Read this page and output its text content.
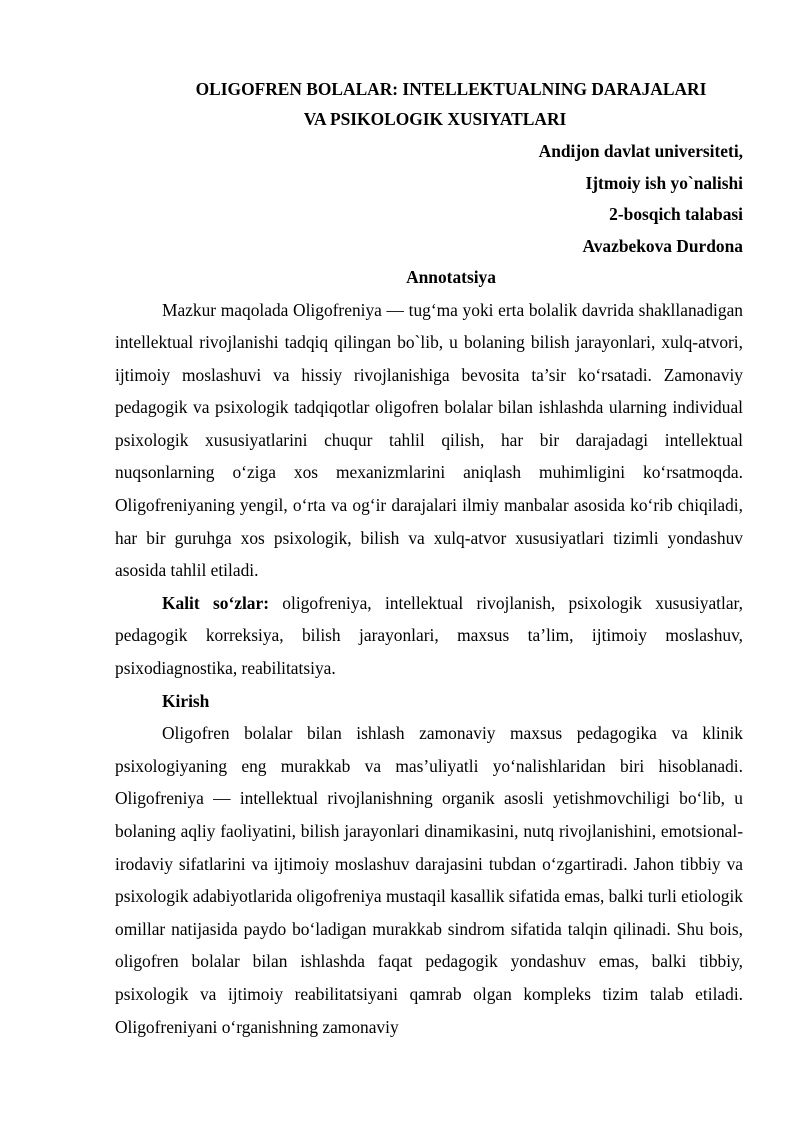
OLIGOFREN BOLALAR: INTELLEKTUALNING DARAJALARI
VA PSIKOLOGIK XUSIYATLARI
Andijon davlat universiteti,
Ijtmoiy ish yo`nalishi
2-bosqich talabasi
Avazbekova Durdona
Annotatsiya

Mazkur maqolada Oligofreniya — tug‘ma yoki erta bolalik davrida shakllanadigan intellektual rivojlanishi tadqiq qilingan bo`lib, u bolaning bilish jarayonlari, xulq-atvori, ijtimoiy moslashuvi va hissiy rivojlanishiga bevosita ta’sir ko‘rsatadi. Zamonaviy pedagogik va psixologik tadqiqotlar oligofren bolalar bilan ishlashda ularning individual psixologik xususiyatlarini chuqur tahlil qilish, har bir darajadagi intellektual nuqsonlarning o‘ziga xos mexanizmlarini aniqlash muhimligini ko‘rsatmoqda. Oligofreniyaning yengil, o‘rta va og‘ir darajalari ilmiy manbalar asosida ko‘rib chiqiladi, har bir guruhga xos psixologik, bilish va xulq-atvor xususiyatlari tizimli yondashuv asosida tahlil etiladi.

Kalit so‘zlar: oligofreniya, intellektual rivojlanish, psixologik xususiyatlar, pedagogik korreksiya, bilish jarayonlari, maxsus ta’lim, ijtimoiy moslashuv, psixodiagnostika, reabilitatsiya.

Kirish

Oligofren bolalar bilan ishlash zamonaviy maxsus pedagogika va klinik psixologiyaning eng murakkab va mas’uliyatli yo‘nalishlaridan biri hisoblanadi. Oligofreniya — intellektual rivojlanishning organik asosli yetishmovchiligi bo‘lib, u bolaning aqliy faoliyatini, bilish jarayonlari dinamikasini, nutq rivojlanishini, emotsional-irodaviy sifatlarini va ijtimoiy moslashuv darajasini tubdan o‘zgartiradi. Jahon tibbiy va psixologik adabiyotlarida oligofreniya mustaqil kasallik sifatida emas, balki turli etiologik omillar natijasida paydo bo‘ladigan murakkab sindrom sifatida talqin qilinadi. Shu bois, oligofren bolalar bilan ishlashda faqat pedagogik yondashuv emas, balki tibbiy, psixologik va ijtimoiy reabilitatsiyani qamrab olgan kompleks tizim talab etiladi. Oligofreniyani o‘rganishning zamonaviy
